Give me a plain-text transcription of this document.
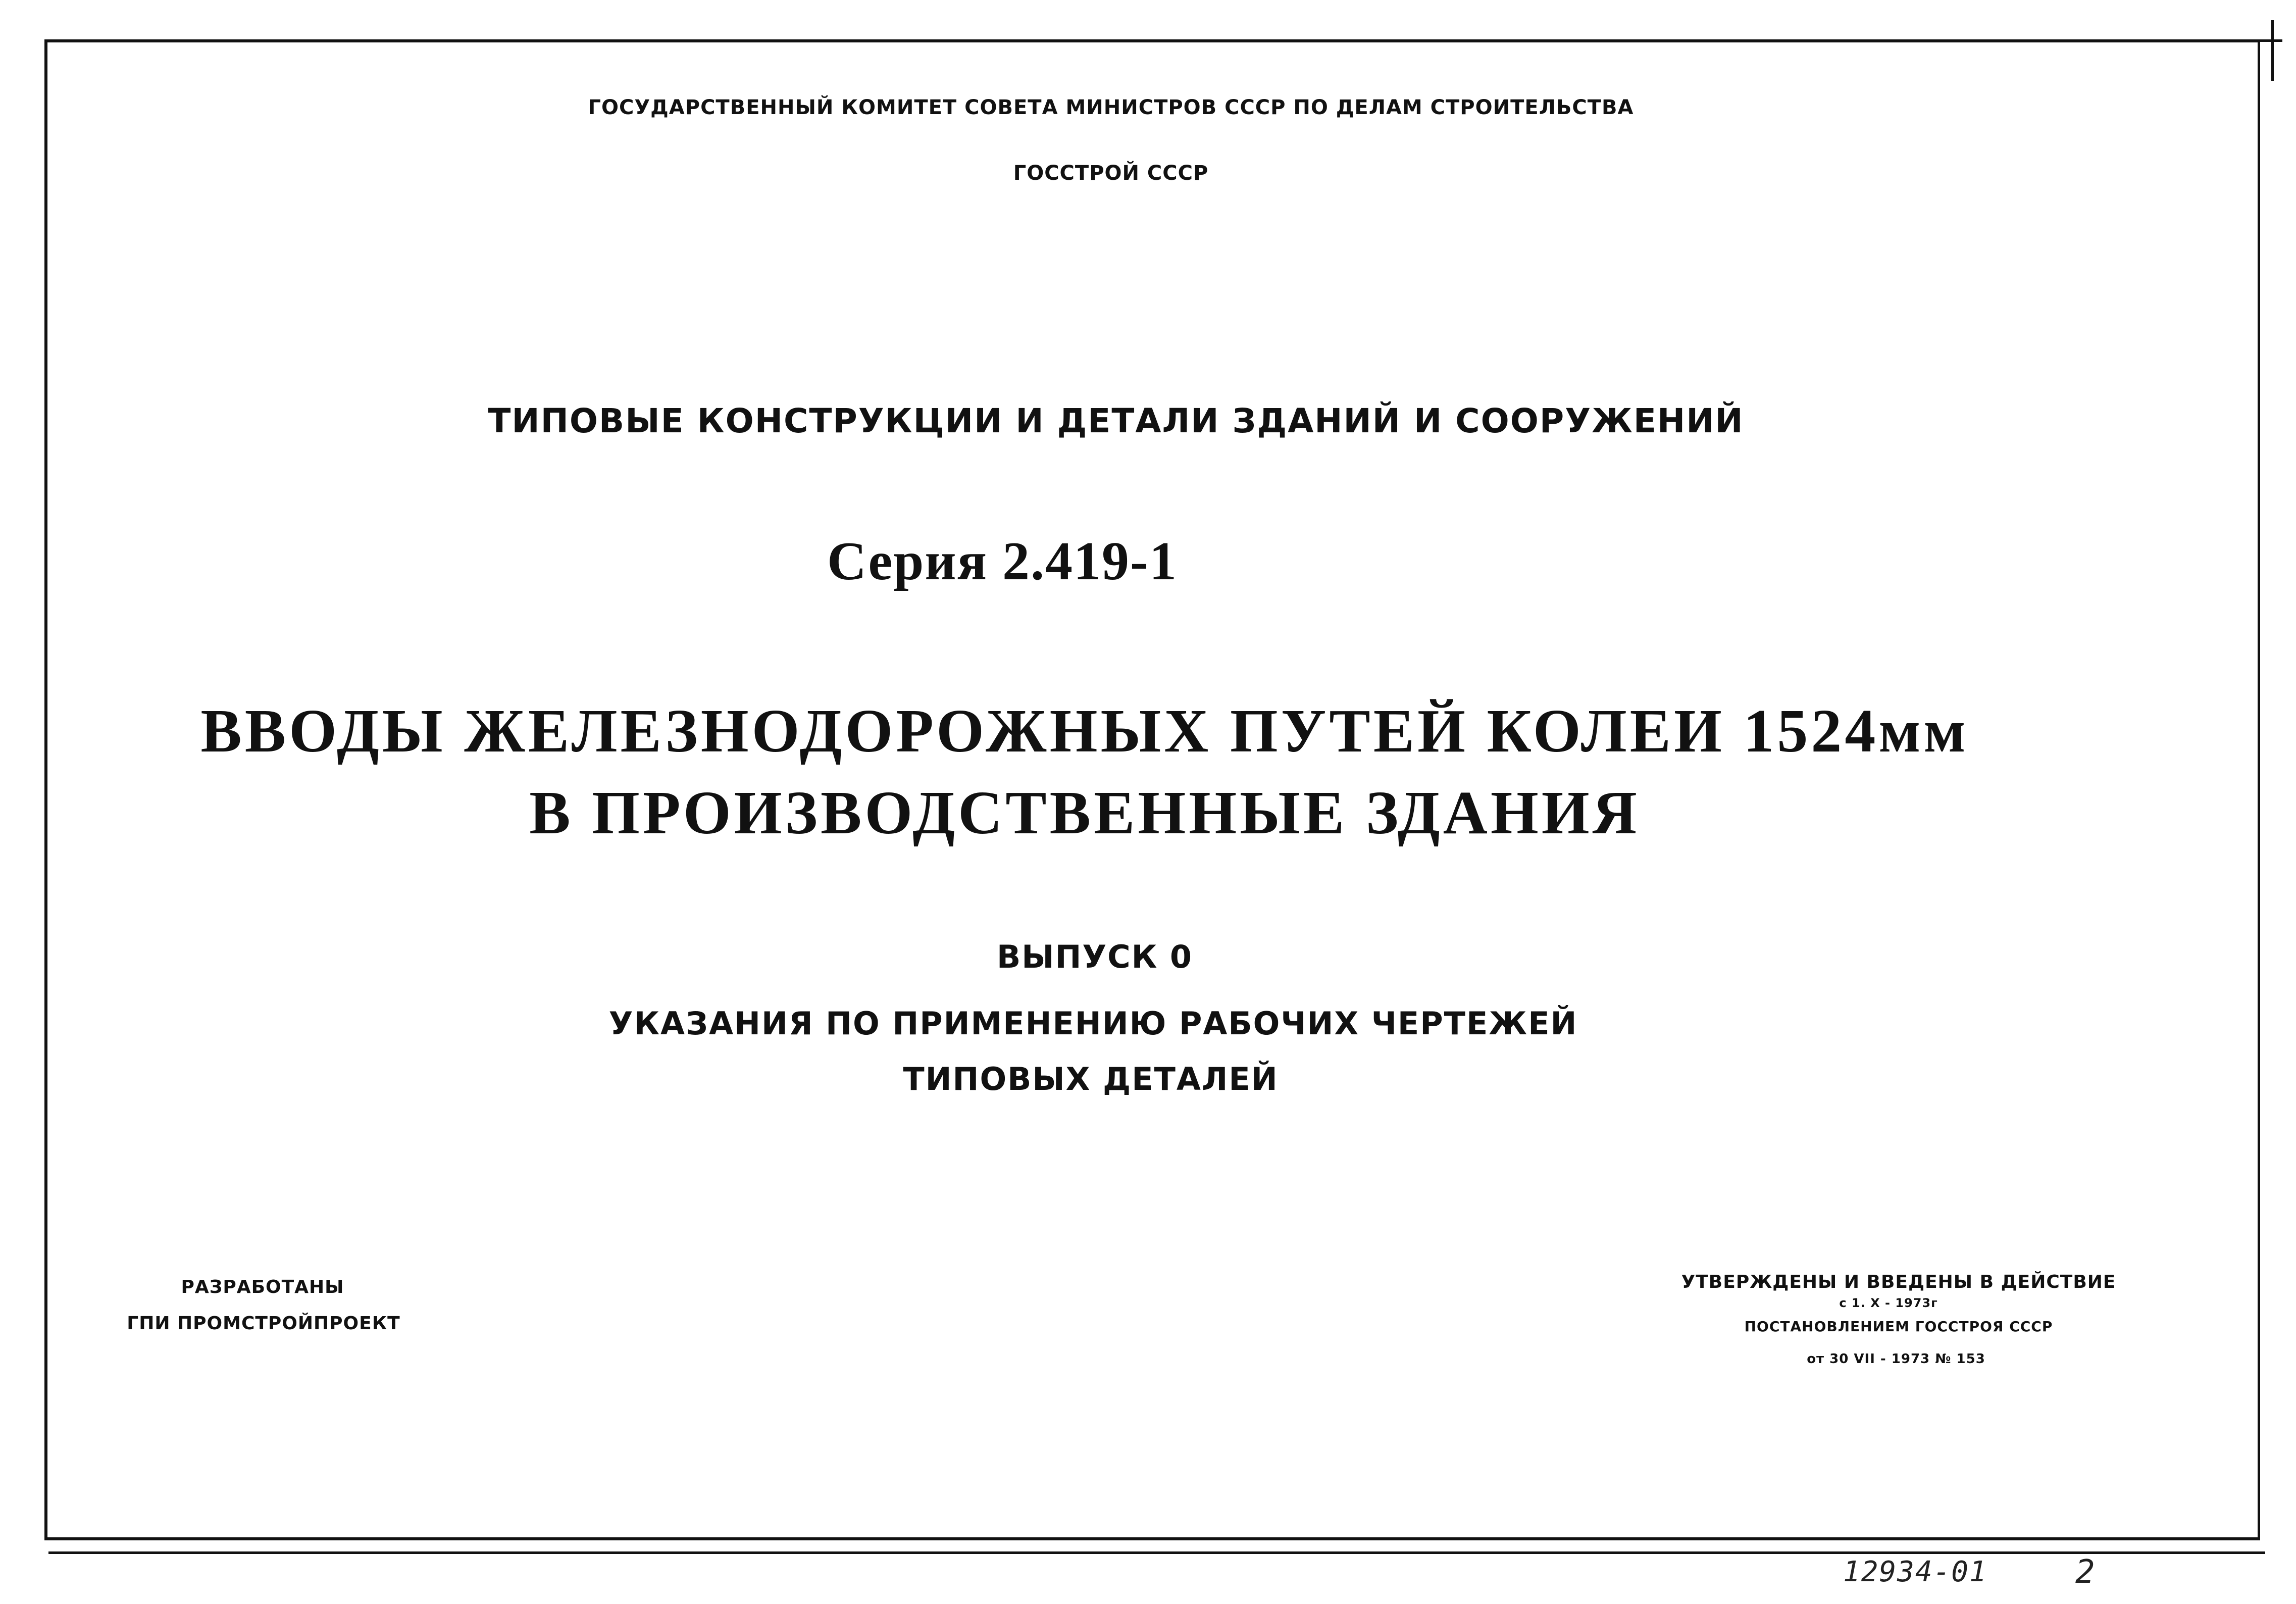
ГОСУДАРСТВЕННЫЙ КОМИТЕТ СОВЕТА МИНИСТРОВ СССР ПО ДЕЛАМ СТРОИТЕЛЬСТВА
ГОССТРОЙ СССР
ТИПОВЫЕ КОНСТРУКЦИИ И ДЕТАЛИ ЗДАНИЙ И СООРУЖЕНИЙ
Серия 2.419-1
ВВОДЫ ЖЕЛЕЗНОДОРОЖНЫХ ПУТЕЙ КОЛЕИ 1524мм
В ПРОИЗВОДСТВЕННЫЕ ЗДАНИЯ
ВЫПУСК 0
УКАЗАНИЯ ПО ПРИМЕНЕНИЮ РАБОЧИХ ЧЕРТЕЖЕЙ
ТИПОВЫХ ДЕТАЛЕЙ
РАЗРАБОТАНЫ
ГПИ ПРОМСТРОЙПРОЕКТ
УТВЕРЖДЕНЫ И ВВЕДЕНЫ В ДЕЙСТВИЕ
с 1. X - 1973г
ПОСТАНОВЛЕНИЕМ ГОССТРОЯ СССР
от 30 VII - 1973 № 153
12934-01	2
